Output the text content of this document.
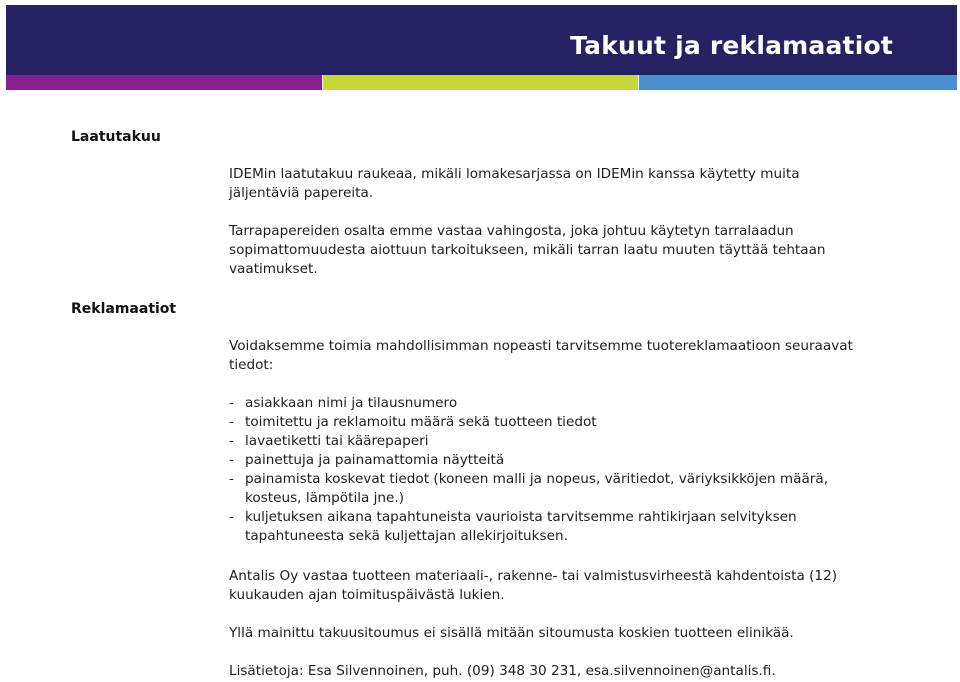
Takuut ja reklamaatiot
Laatutakuu

IDEMin laatutakuu raukeaa, mikäli lomakesarjassa on IDEMin kanssa käytetty muita jäljentäviä papereita.

Tarrapapereiden osalta emme vastaa vahingosta, joka johtuu käytetyn tarralaadun sopimattomuudesta aiottuun tarkoitukseen, mikäli tarran laatu muuten täyttää tehtaan vaatimukset.

Reklamaatiot

Voidaksemme toimia mahdollisimman nopeasti tarvitsemme tuotereklamaatioon seuraavat tiedot:

- asiakkaan nimi ja tilausnumero
- toimitettu ja reklamoitu määrä sekä tuotteen tiedot
- lavaetiketti tai käärepaperi
- painettuja ja painamattomia näytteitä
- painamista koskevat tiedot (koneen malli ja nopeus, väritiedot, väriyksikköjen määrä, kosteus, lämpötila jne.)
- kuljetuksen aikana tapahtuneista vaurioista tarvitsemme rahtikirjaan selvityksen tapahtuneesta sekä kuljettajan allekirjoituksen.

Antalis Oy vastaa tuotteen materiaali-, rakenne- tai valmistusvirheestä kahdentoista (12) kuukauden ajan toimituspäivästä lukien.

Yllä mainittu takuusitoumus ei sisällä mitään sitoumusta koskien tuotteen elinikää.

Lisätietoja: Esa Silvennoinen, puh. (09) 348 30 231, esa.silvennoinen@antalis.fi.
